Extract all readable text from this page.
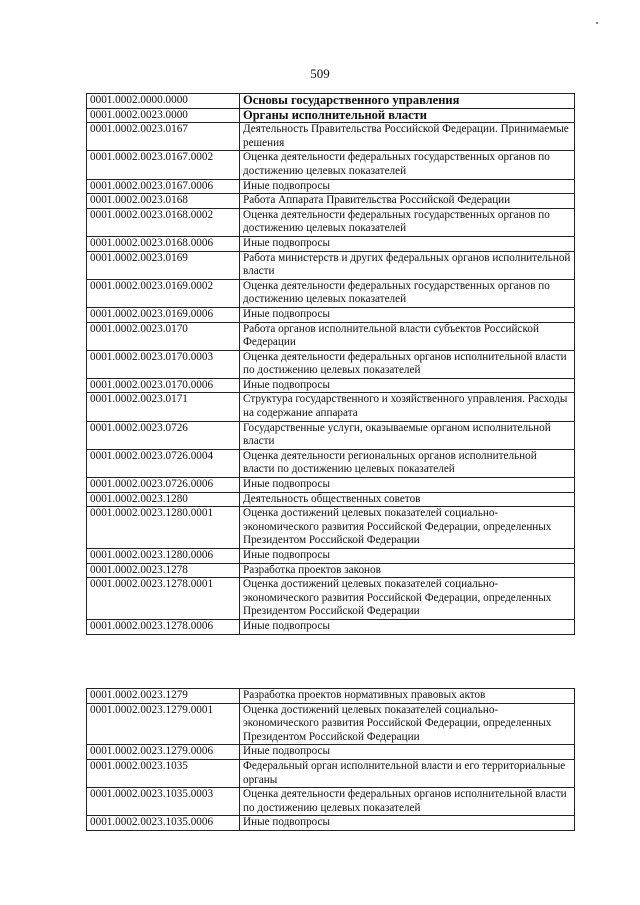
509
0001.0002.0000.0000	Основы государственного управления
0001.0002.0023.0000	Органы исполнительной власти
0001.0002.0023.0167	Деятельность Правительства Российской Федерации. Принимаемые решения
0001.0002.0023.0167.0002	Оценка деятельности федеральных государственных органов по достижению целевых показателей
0001.0002.0023.0167.0006	Иные подвопросы
0001.0002.0023.0168	Работа Аппарата Правительства Российской Федерации
0001.0002.0023.0168.0002	Оценка деятельности федеральных государственных органов по достижению целевых показателей
0001.0002.0023.0168.0006	Иные подвопросы
0001.0002.0023.0169	Работа министерств и других федеральных органов исполнительной власти
0001.0002.0023.0169.0002	Оценка деятельности федеральных государственных органов по достижению целевых показателей
0001.0002.0023.0169.0006	Иные подвопросы
0001.0002.0023.0170	Работа органов исполнительной власти субъектов Российской Федерации
0001.0002.0023.0170.0003	Оценка деятельности федеральных органов исполнительной власти по достижению целевых показателей
0001.0002.0023.0170.0006	Иные подвопросы
0001.0002.0023.0171	Структура государственного и хозяйственного управления. Расходы на содержание аппарата
0001.0002.0023.0726	Государственные услуги, оказываемые органом исполнительной власти
0001.0002.0023.0726.0004	Оценка деятельности региональных органов исполнительной власти по достижению целевых показателей
0001.0002.0023.0726.0006	Иные подвопросы
0001.0002.0023.1280	Деятельность общественных советов
0001.0002.0023.1280.0001	Оценка достижений целевых показателей социально-экономического развития Российской Федерации, определенных Президентом Российской Федерации
0001.0002.0023.1280.0006	Иные подвопросы
0001.0002.0023.1278	Разработка проектов законов
0001.0002.0023.1278.0001	Оценка достижений целевых показателей социально-экономического развития Российской Федерации, определенных Президентом Российской Федерации
0001.0002.0023.1278.0006	Иные подвопросы
0001.0002.0023.1279	Разработка проектов нормативных правовых актов
0001.0002.0023.1279.0001	Оценка достижений целевых показателей социально-экономического развития Российской Федерации, определенных Президентом Российской Федерации
0001.0002.0023.1279.0006	Иные подвопросы
0001.0002.0023.1035	Федеральный орган исполнительной власти и его территориальные органы
0001.0002.0023.1035.0003	Оценка деятельности федеральных органов исполнительной власти по достижению целевых показателей
0001.0002.0023.1035.0006	Иные подвопросы
